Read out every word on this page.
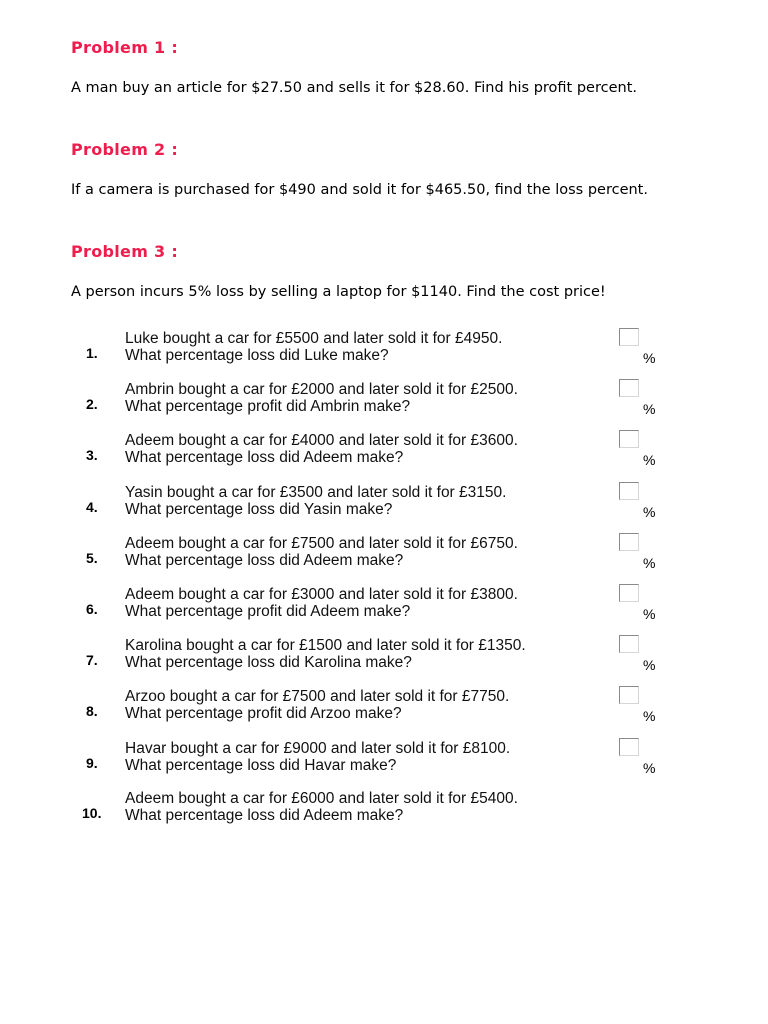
Problem 1 :
A man buy an article for $27.50 and sells it for $28.60. Find his profit percent.
Problem 2 :
If a camera is purchased for $490 and sold it for $465.50, find the loss percent.
Problem 3 :
A person incurs 5% loss by selling a laptop for $1140. Find the cost price!
1.
Luke bought a car for £5500 and later sold it for £4950.
What percentage loss did Luke make?	%
2.
Ambrin bought a car for £2000 and later sold it for £2500.
What percentage profit did Ambrin make?	%
3.
Adeem bought a car for £4000 and later sold it for £3600.
What percentage loss did Adeem make?	%
4.
Yasin bought a car for £3500 and later sold it for £3150.
What percentage loss did Yasin make?	%
5.
Adeem bought a car for £7500 and later sold it for £6750.
What percentage loss did Adeem make?	%
6.
Adeem bought a car for £3000 and later sold it for £3800.
What percentage profit did Adeem make?	%
7.
Karolina bought a car for £1500 and later sold it for £1350.
What percentage loss did Karolina make?	%
8.
Arzoo bought a car for £7500 and later sold it for £7750.
What percentage profit did Arzoo make?	%
9.
Havar bought a car for £9000 and later sold it for £8100.
What percentage loss did Havar make?	%
10.
Adeem bought a car for £6000 and later sold it for £5400.
What percentage loss did Adeem make?
